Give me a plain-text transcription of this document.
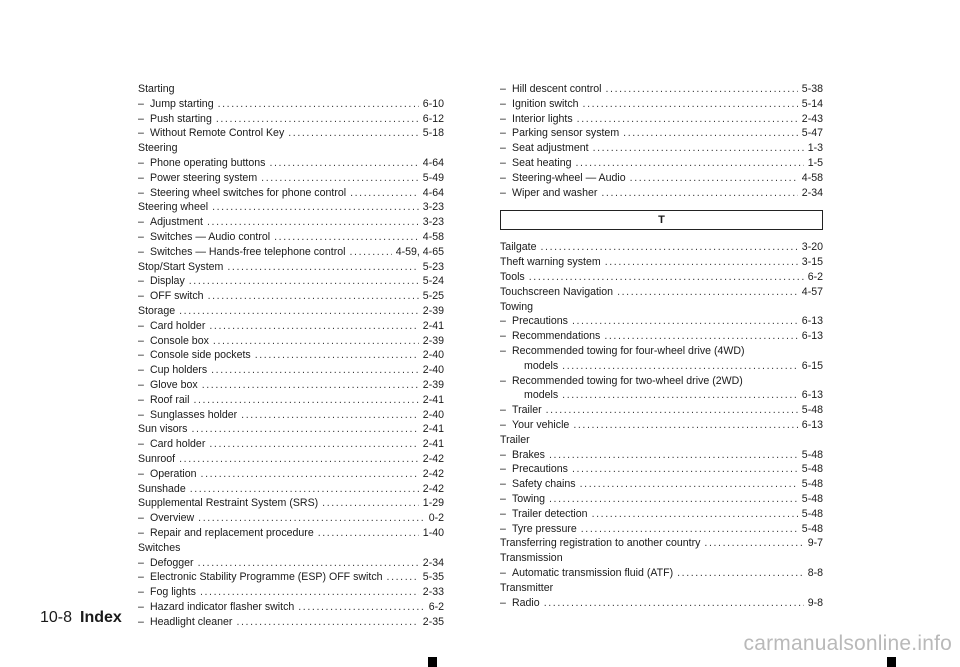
Starting
– Jump starting .....	6-10
– Push starting .....	6-12
– Without Remote Control Key .....	5-18
Steering
– Phone operating buttons .....	4-64
– Power steering system .....	5-49
– Steering wheel switches for phone control .....	4-64
Steering wheel .....	3-23
– Adjustment .....	3-23
– Switches — Audio control .....	4-58
– Switches — Hands-free telephone control .....	4-59, 4-65
Stop/Start System .....	5-23
– Display .....	5-24
– OFF switch .....	5-25
Storage .....	2-39
– Card holder .....	2-41
– Console box .....	2-39
– Console side pockets .....	2-40
– Cup holders .....	2-40
– Glove box .....	2-39
– Roof rail .....	2-41
– Sunglasses holder .....	2-40
Sun visors .....	2-41
– Card holder .....	2-41
Sunroof .....	2-42
– Operation .....	2-42
Sunshade .....	2-42
Supplemental Restraint System (SRS) .....	1-29
– Overview .....	0-2
– Repair and replacement procedure .....	1-40
Switches
– Defogger .....	2-34
– Electronic Stability Programme (ESP) OFF switch .....	5-35
– Fog lights .....	2-33
– Hazard indicator flasher switch .....	6-2
– Headlight cleaner .....	2-35
– Hill descent control .....	5-38
– Ignition switch .....	5-14
– Interior lights .....	2-43
– Parking sensor system .....	5-47
– Seat adjustment .....	1-3
– Seat heating .....	1-5
– Steering-wheel — Audio .....	4-58
– Wiper and washer .....	2-34
T
Tailgate .....	3-20
Theft warning system .....	3-15
Tools .....	6-2
Touchscreen Navigation .....	4-57
Towing
– Precautions .....	6-13
– Recommendations .....	6-13
– Recommended towing for four-wheel drive (4WD)
models .....	6-15
– Recommended towing for two-wheel drive (2WD)
models .....	6-13
– Trailer .....	5-48
– Your vehicle .....	6-13
Trailer
– Brakes .....	5-48
– Precautions .....	5-48
– Safety chains .....	5-48
– Towing .....	5-48
– Trailer detection .....	5-48
– Tyre pressure .....	5-48
Transferring registration to another country .....	9-7
Transmission
– Automatic transmission fluid (ATF) .....	8-8
Transmitter
– Radio .....	9-8
10-8 Index
carmanualsonline.info
